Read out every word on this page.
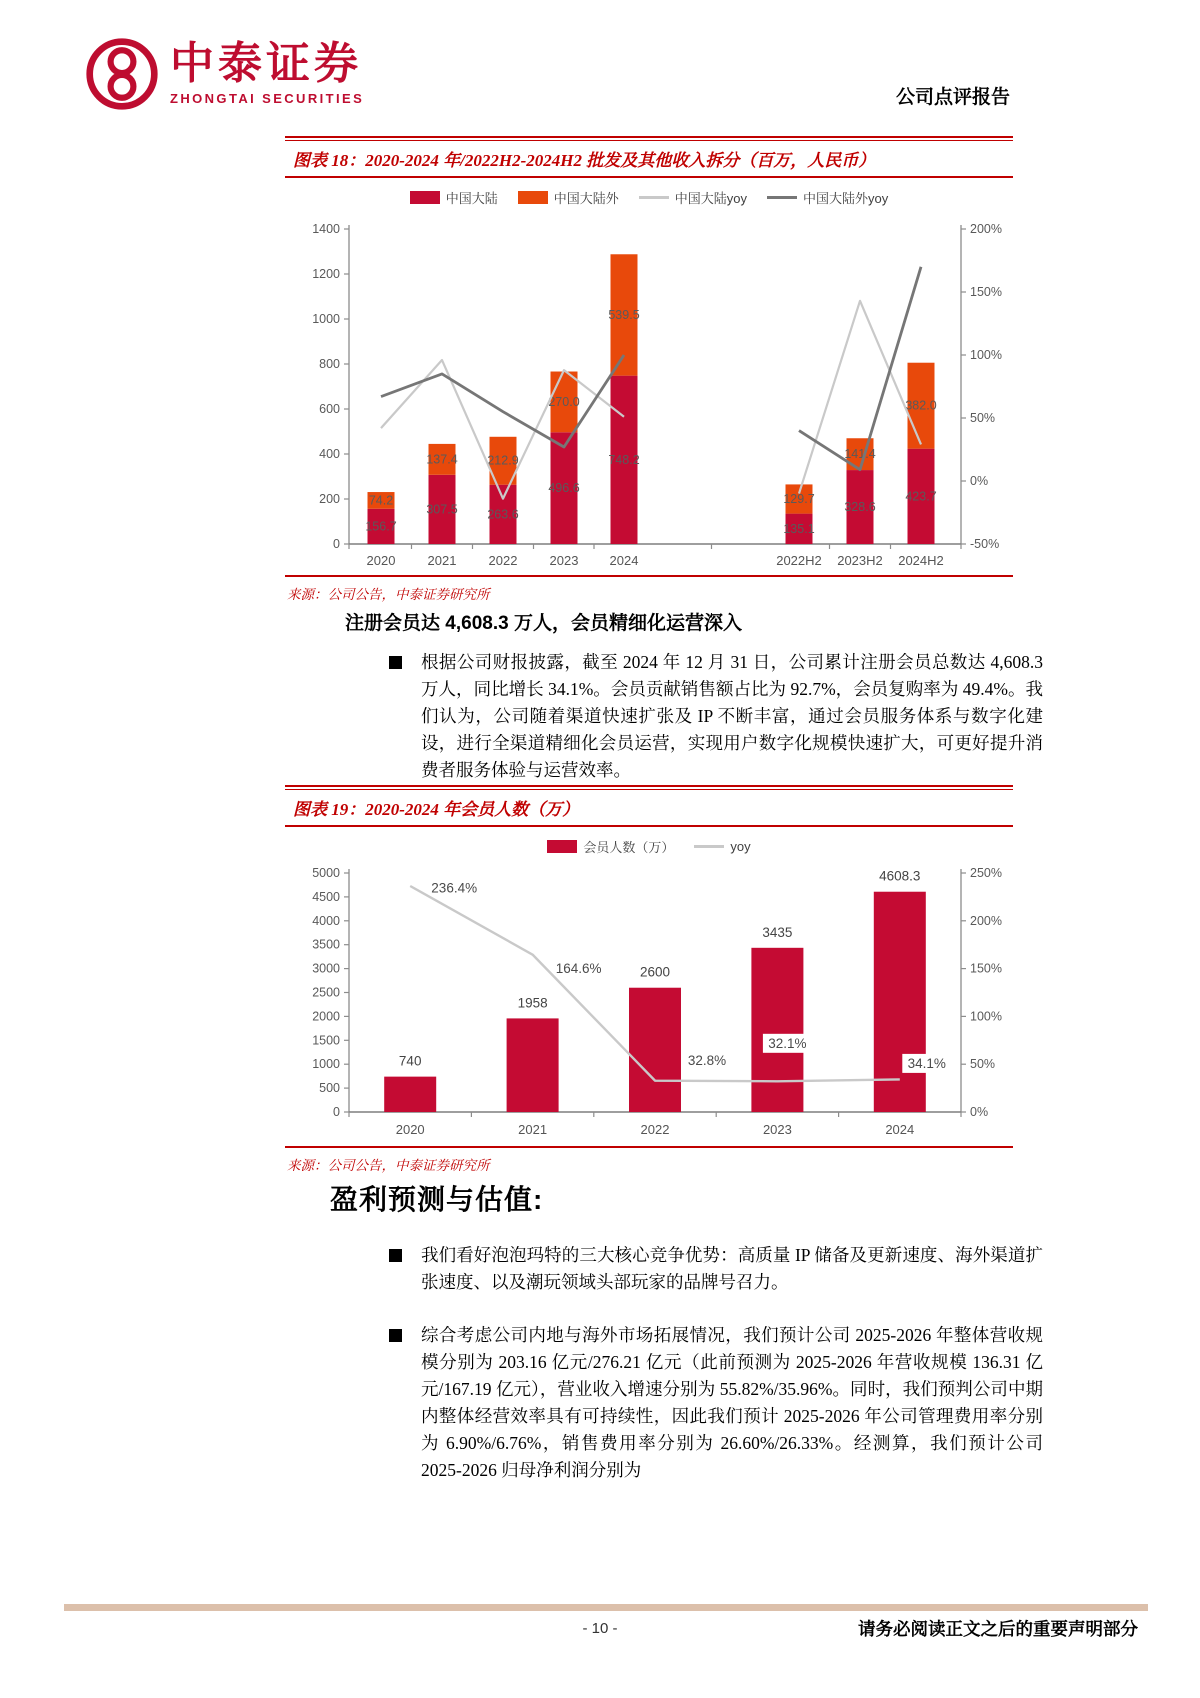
中泰证券
ZHONGTAI SECURITIES	公司点评报告
图表 18：2020-2024 年/2022H2-2024H2 批发及其他收入拆分（百万，人民币）
中国大陆	中国大陆外	中国大陆yoy	中国大陆外yoy
0
200
400
600
800
1000
1200
1400
-50%
0%
50%
100%
150%
200%
156.7
74.2
2020
307.5
137.4
2021
263.6
212.9
2022
496.6
270.0
2023
748.2
539.5
2024
135.1
129.7
2022H2
328.6
141.4
2023H2
423.7
382.0
2024H2
来源：公司公告，中泰证券研究所
注册会员达 4,608.3 万人，会员精细化运营深入
根据公司财报披露，截至 2024 年 12 月 31 日，公司累计注册会员总数达 4,608.3 万人，同比增长 34.1%。会员贡献销售额占比为 92.7%，会员复购率为 49.4%。我们认为，公司随着渠道快速扩张及 IP 不断丰富，通过会员服务体系与数字化建设，进行全渠道精细化会员运营，实现用户数字化规模快速扩大，可更好提升消费者服务体验与运营效率。
图表 19：2020-2024 年会员人数（万）
会员人数（万）	yoy
0
500
1000
1500
2000
2500
3000
3500
4000
4500
5000
0%
50%
100%
150%
200%
250%
740
2020
1958
2021
2600
2022
3435
2023
4608.3
2024
236.4%
164.6%
32.8%
32.1%
34.1%
来源：公司公告，中泰证券研究所
盈利预测与估值:
我们看好泡泡玛特的三大核心竞争优势：高质量 IP 储备及更新速度、海外渠道扩张速度、以及潮玩领域头部玩家的品牌号召力。
综合考虑公司内地与海外市场拓展情况，我们预计公司 2025-2026 年整体营收规模分别为 203.16 亿元/276.21 亿元（此前预测为 2025-2026 年营收规模 136.31 亿元/167.19 亿元），营业收入增速分别为 55.82%/35.96%。同时，我们预判公司中期内整体经营效率具有可持续性，因此我们预计 2025-2026 年公司管理费用率分别为 6.90%/6.76%，销售费用率分别为 26.60%/26.33%。经测算，我们预计公司 2025-2026 归母净利润分别为
- 10 -	请务必阅读正文之后的重要声明部分
